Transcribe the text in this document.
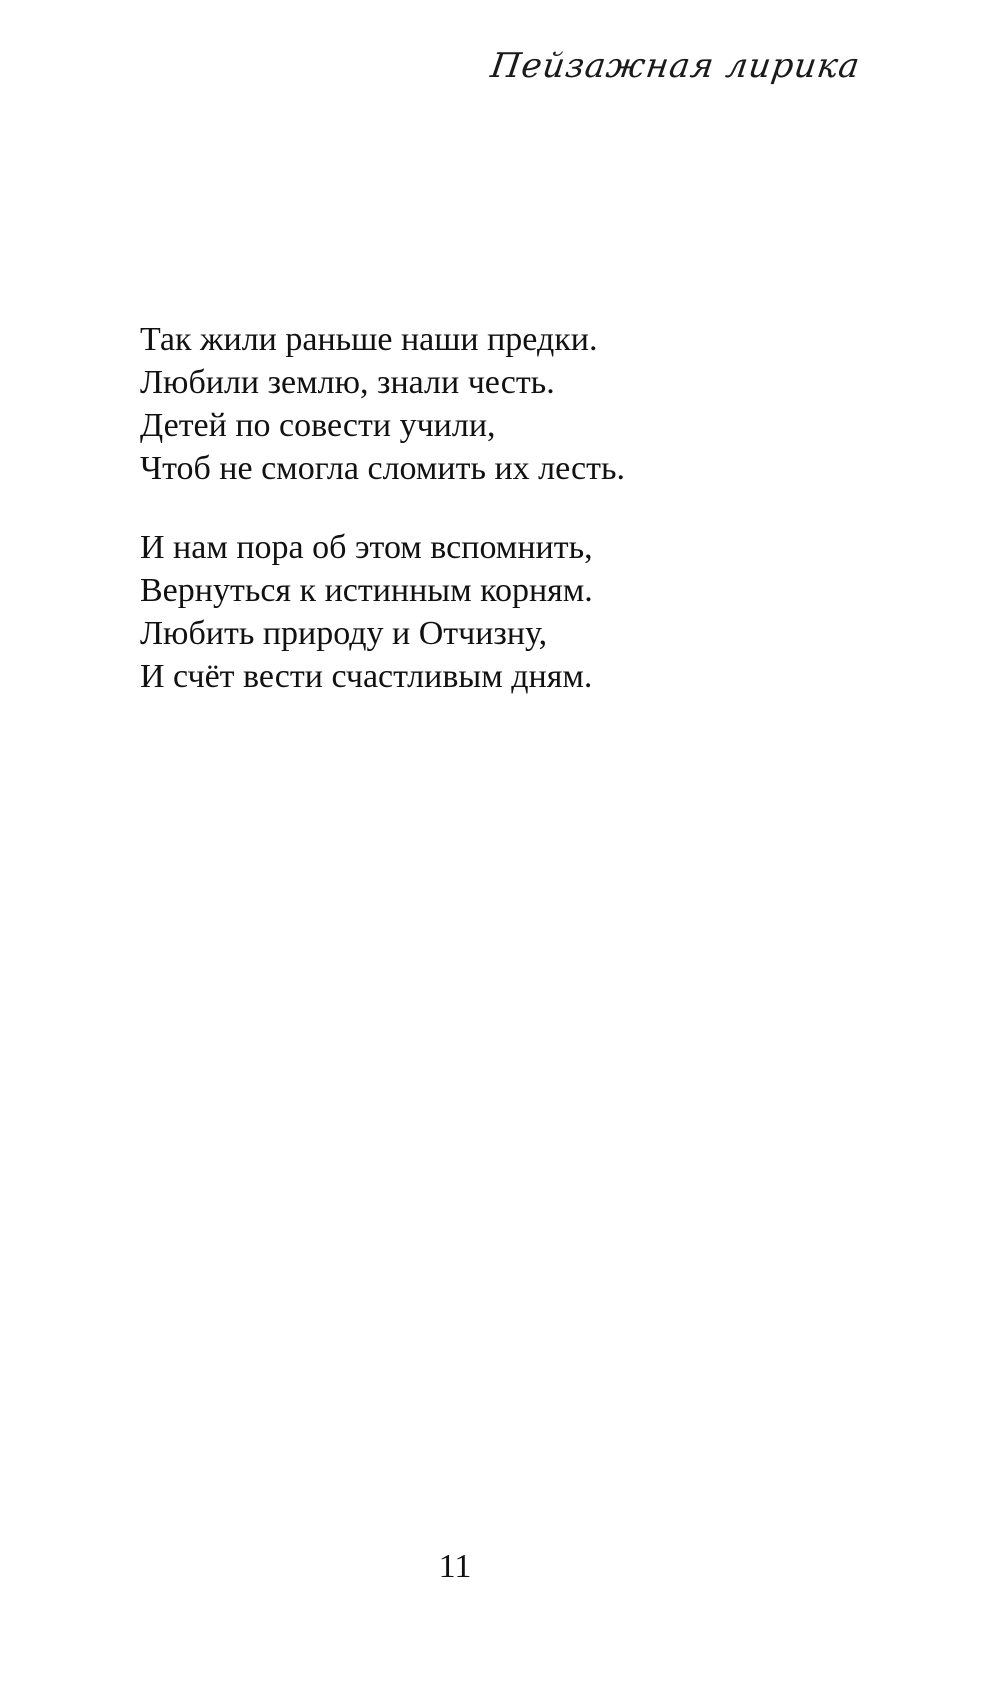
Пейзажная лирика
Так жили раньше наши предки.
Любили землю, знали честь.
Детей по совести учили,
Чтоб не смогла сломить их лесть.
И нам пора об этом вспомнить,
Вернуться к истинным корням.
Любить природу и Отчизну,
И счёт вести счастливым дням.
11
